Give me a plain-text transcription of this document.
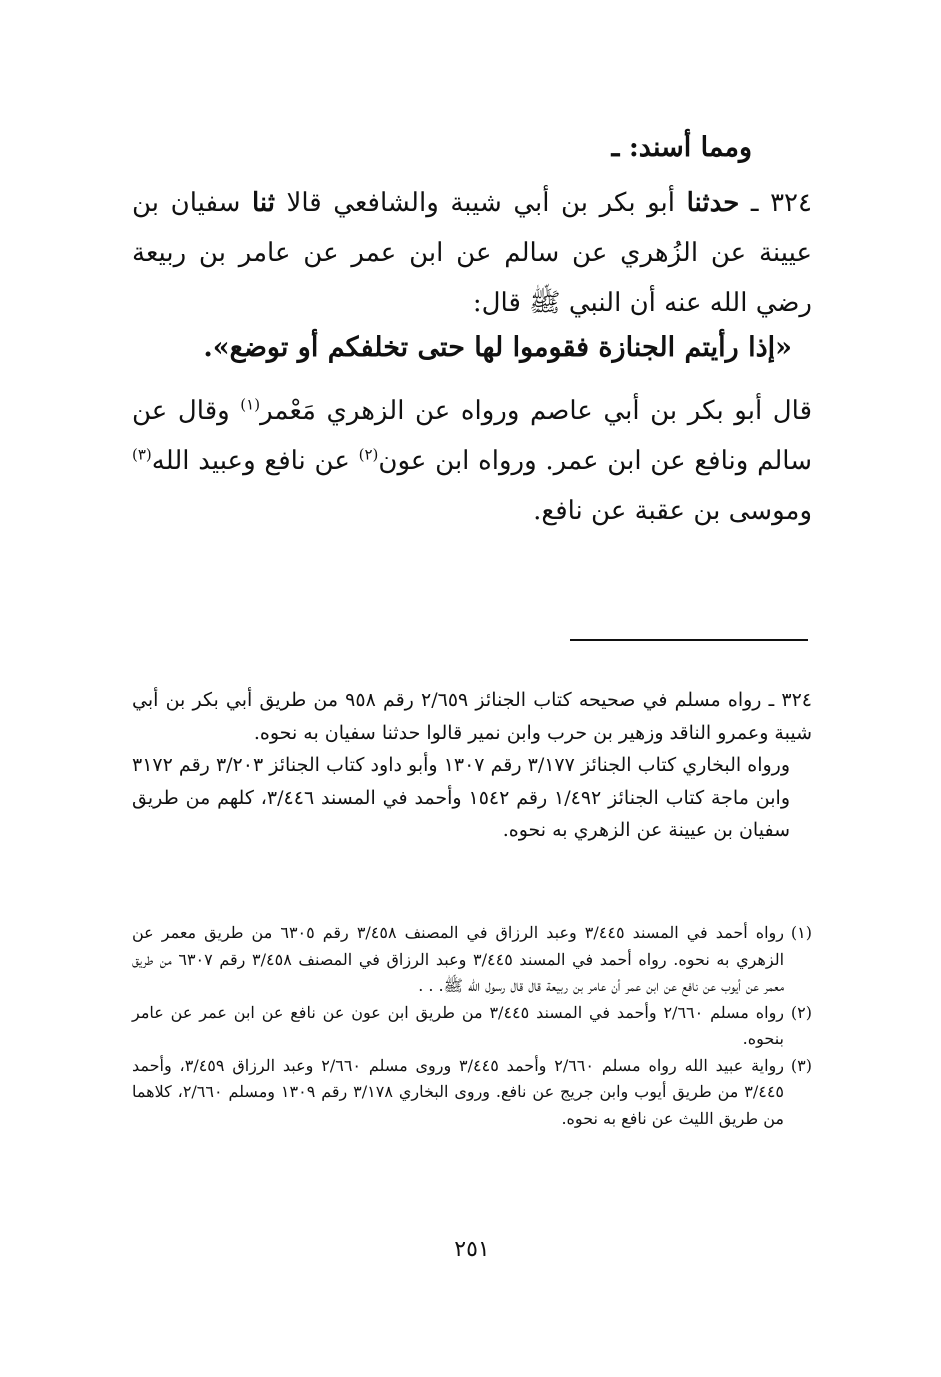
ومما أسند: ـ

٣٢٤ ـ حدثنا أبو بكر بن أبي شيبة والشافعي قالا ثنا سفيان بن عيينة عن الزُهري عن سالم عن ابن عمر عن عامر بن ربيعة رضي الله عنه أن النبي ﷺ قال:

«إذا رأيتم الجنازة فقوموا لها حتى تخلفكم أو توضع».

قال أبو بكر بن أبي عاصم ورواه عن الزهري مَعْمر$^{(١)}$ وقال عن سالم ونافع عن ابن عمر. ورواه ابن عون$^{(٢)}$ عن نافع وعبيد الله$^{(٣)}$ وموسى بن عقبة عن نافع.

٣٢٤ ـ رواه مسلم في صحيحه كتاب الجنائز ٢/٦٥٩ رقم ٩٥٨ من طريق أبي بكر بن أبي شيبة وعمرو الناقد وزهير بن حرب وابن نمير قالوا حدثنا سفيان به نحوه.

ورواه البخاري كتاب الجنائز ٣/١٧٧ رقم ١٣٠٧ وأبو داود كتاب الجنائز ٣/٢٠٣ رقم ٣١٧٢ وابن ماجة كتاب الجنائز ١/٤٩٢ رقم ١٥٤٢ وأحمد في المسند ٣/٤٤٦، كلهم من طريق سفيان بن عيينة عن الزهري به نحوه.

(١)
رواه أحمد في المسند ٣/٤٤٥ وعبد الرزاق في المصنف ٣/٤٥٨ رقم ٦٣٠٥ من طريق معمر عن الزهري به نحوه. رواه أحمد في المسند ٣/٤٤٥ وعبد الرزاق في المصنف ٣/٤٥٨ رقم ٦٣٠٧ من طريق معمر عن أيوب عن نافع عن ابن عمر أن عامر بن ربيعة قال قال رسول الله ﷺ. . .
(٢)
رواه مسلم ٢/٦٦٠ وأحمد في المسند ٣/٤٤٥ من طريق ابن عون عن نافع عن ابن عمر عن عامر بنحوه.
(٣)
رواية عبيد الله رواه مسلم ٢/٦٦٠ وأحمد ٣/٤٤٥ وروى مسلم ٢/٦٦٠ وعبد الرزاق ٣/٤٥٩، وأحمد ٣/٤٤٥ من طريق أيوب وابن جريج عن نافع. وروى البخاري ٣/١٧٨ رقم ١٣٠٩ ومسلم ٢/٦٦٠، كلاهما من طريق الليث عن نافع به نحوه.
٢٥١
